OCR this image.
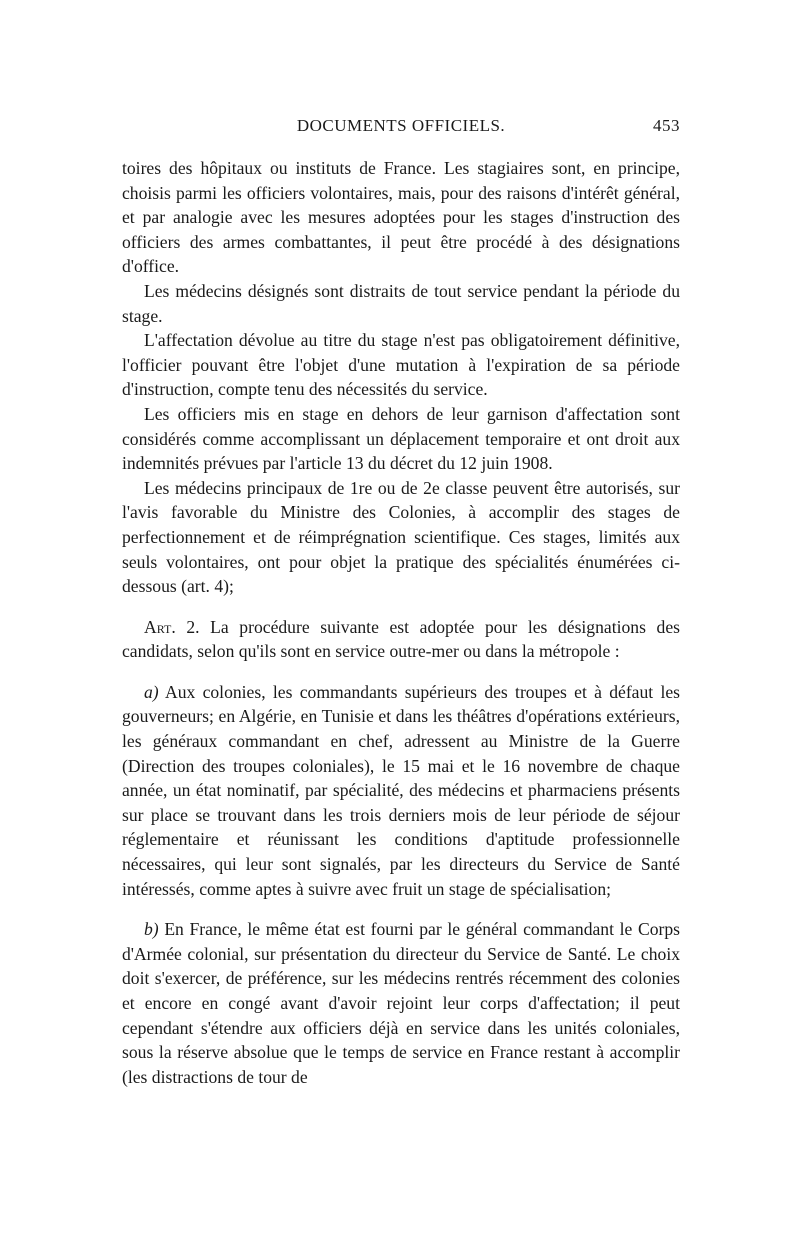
DOCUMENTS OFFICIELS.	453

toires des hôpitaux ou instituts de France. Les stagiaires sont, en principe, choisis parmi les officiers volontaires, mais, pour des raisons d'intérêt général, et par analogie avec les mesures adoptées pour les stages d'instruction des officiers des armes combattantes, il peut être procédé à des désignations d'office.

Les médecins désignés sont distraits de tout service pendant la période du stage.

L'affectation dévolue au titre du stage n'est pas obligatoirement définitive, l'officier pouvant être l'objet d'une mutation à l'expiration de sa période d'instruction, compte tenu des nécessités du service.

Les officiers mis en stage en dehors de leur garnison d'affectation sont considérés comme accomplissant un déplacement temporaire et ont droit aux indemnités prévues par l'article 13 du décret du 12 juin 1908.

Les médecins principaux de 1re ou de 2e classe peuvent être autorisés, sur l'avis favorable du Ministre des Colonies, à accomplir des stages de perfectionnement et de réimprégnation scientifique. Ces stages, limités aux seuls volontaires, ont pour objet la pratique des spécialités énumérées ci-dessous (art. 4);

Art. 2. La procédure suivante est adoptée pour les désignations des candidats, selon qu'ils sont en service outre-mer ou dans la métropole :

a) Aux colonies, les commandants supérieurs des troupes et à défaut les gouverneurs; en Algérie, en Tunisie et dans les théâtres d'opérations extérieurs, les généraux commandant en chef, adressent au Ministre de la Guerre (Direction des troupes coloniales), le 15 mai et le 16 novembre de chaque année, un état nominatif, par spécialité, des médecins et pharmaciens présents sur place se trouvant dans les trois derniers mois de leur période de séjour réglementaire et réunissant les conditions d'aptitude professionnelle nécessaires, qui leur sont signalés, par les directeurs du Service de Santé intéressés, comme aptes à suivre avec fruit un stage de spécialisation;

b) En France, le même état est fourni par le général commandant le Corps d'Armée colonial, sur présentation du directeur du Service de Santé. Le choix doit s'exercer, de préférence, sur les médecins rentrés récemment des colonies et encore en congé avant d'avoir rejoint leur corps d'affectation; il peut cependant s'étendre aux officiers déjà en service dans les unités coloniales, sous la réserve absolue que le temps de service en France restant à accomplir (les distractions de tour de
